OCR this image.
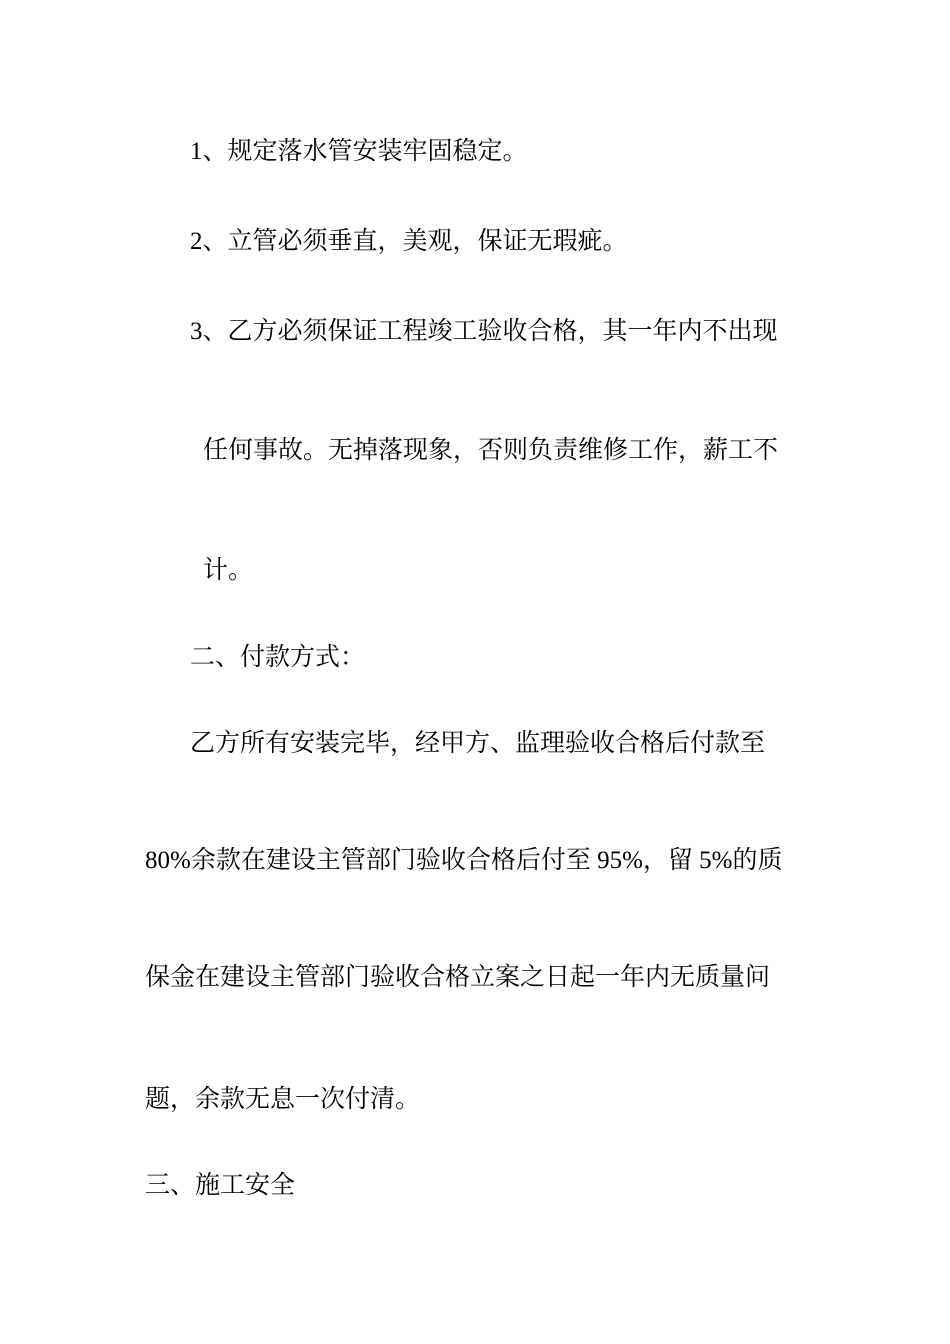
1、规定落水管安装牢固稳定。
2、立管必须垂直，美观，保证无瑕疵。
3、乙方必须保证工程竣工验收合格，其一年内不出现
任何事故。无掉落现象，否则负责维修工作，薪工不
计。
二、付款方式：
乙方所有安装完毕，经甲方、监理验收合格后付款至
80%余款在建设主管部门验收合格后付至 95%，留 5%的质
保金在建设主管部门验收合格立案之日起一年内无质量问
题，余款无息一次付清。
三、施工安全
